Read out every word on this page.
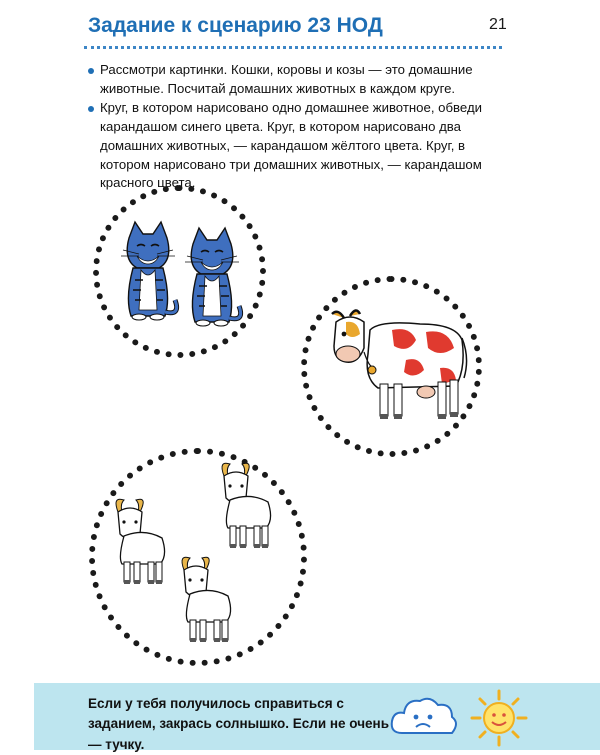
Задание к сценарию 23 НОД	21
Рассмотри картинки. Кошки, коровы и козы — это домашние животные. Посчитай домашних животных в каждом круге.
Круг, в котором нарисовано одно домашнее животное, обведи карандашом синего цвета. Круг, в котором нарисовано два домашних животных, — карандашом жёлтого цвета. Круг, в котором нарисовано три домашних животных, — карандашом красного цвета.
Если у тебя получилось справиться с заданием, закрась солнышко. Если не очень — тучку.
